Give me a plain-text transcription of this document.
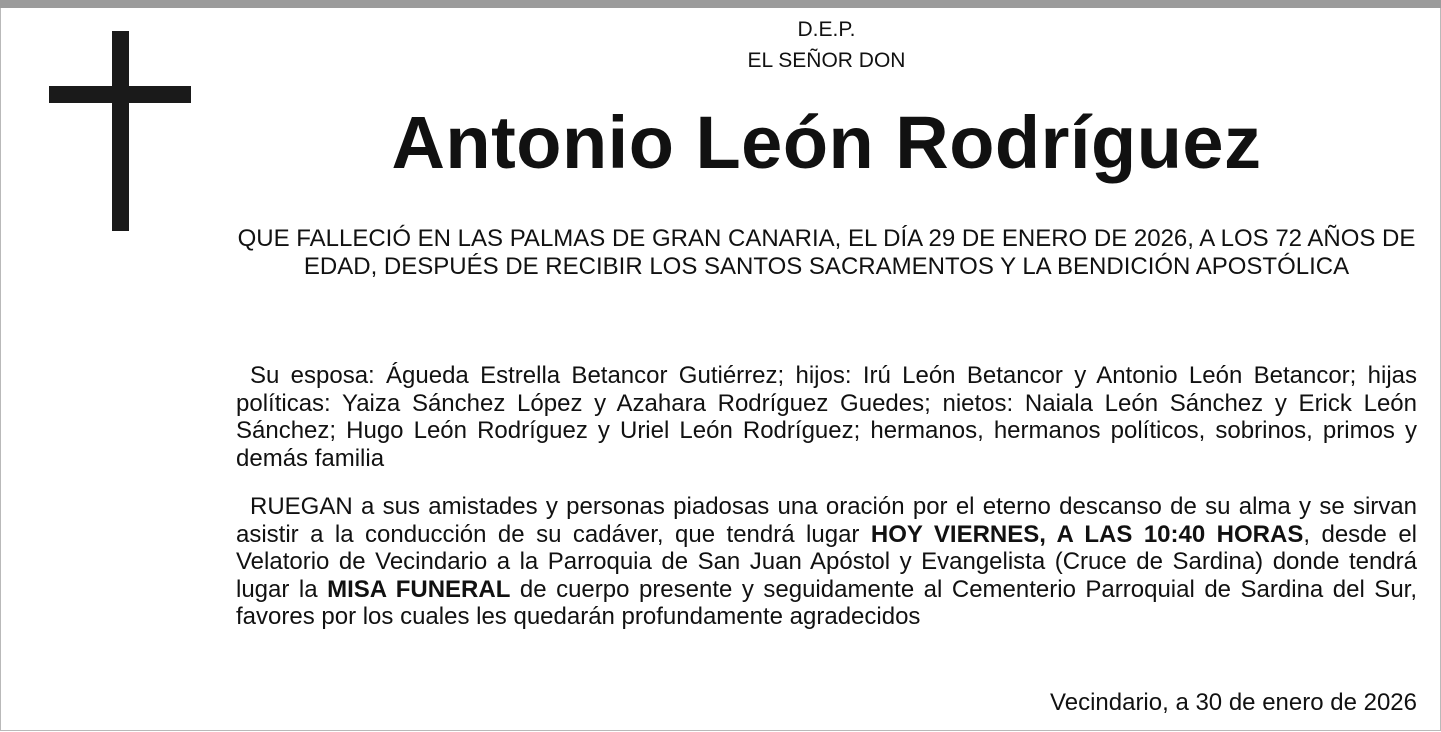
D.E.P.
EL SEÑOR DON
Antonio León Rodríguez
QUE FALLECIÓ EN LAS PALMAS DE GRAN CANARIA, EL DÍA 29 DE ENERO DE 2026, A LOS 72 AÑOS DE EDAD, DESPUÉS DE RECIBIR LOS SANTOS SACRAMENTOS Y LA BENDICIÓN APOSTÓLICA

Su esposa: Águeda Estrella Betancor Gutiérrez; hijos: Irú León Betancor y Antonio León Betancor; hijas políticas: Yaiza Sánchez López y Azahara Rodríguez Guedes; nietos: Naiala León Sánchez y Erick León Sánchez; Hugo León Rodríguez y Uriel León Rodríguez; hermanos, hermanos políticos, sobrinos, primos y demás familia

RUEGAN a sus amistades y personas piadosas una oración por el eterno descanso de su alma y se sirvan asistir a la conducción de su cadáver, que tendrá lugar HOY VIERNES, A LAS 10:40 HORAS, desde el Velatorio de Vecindario a la Parroquia de San Juan Apóstol y Evangelista (Cruce de Sardina) donde tendrá lugar la MISA FUNERAL de cuerpo presente y seguidamente al Cementerio Parroquial de Sardina del Sur, favores por los cuales les quedarán profundamente agradecidos

Vecindario, a 30 de enero de 2026
